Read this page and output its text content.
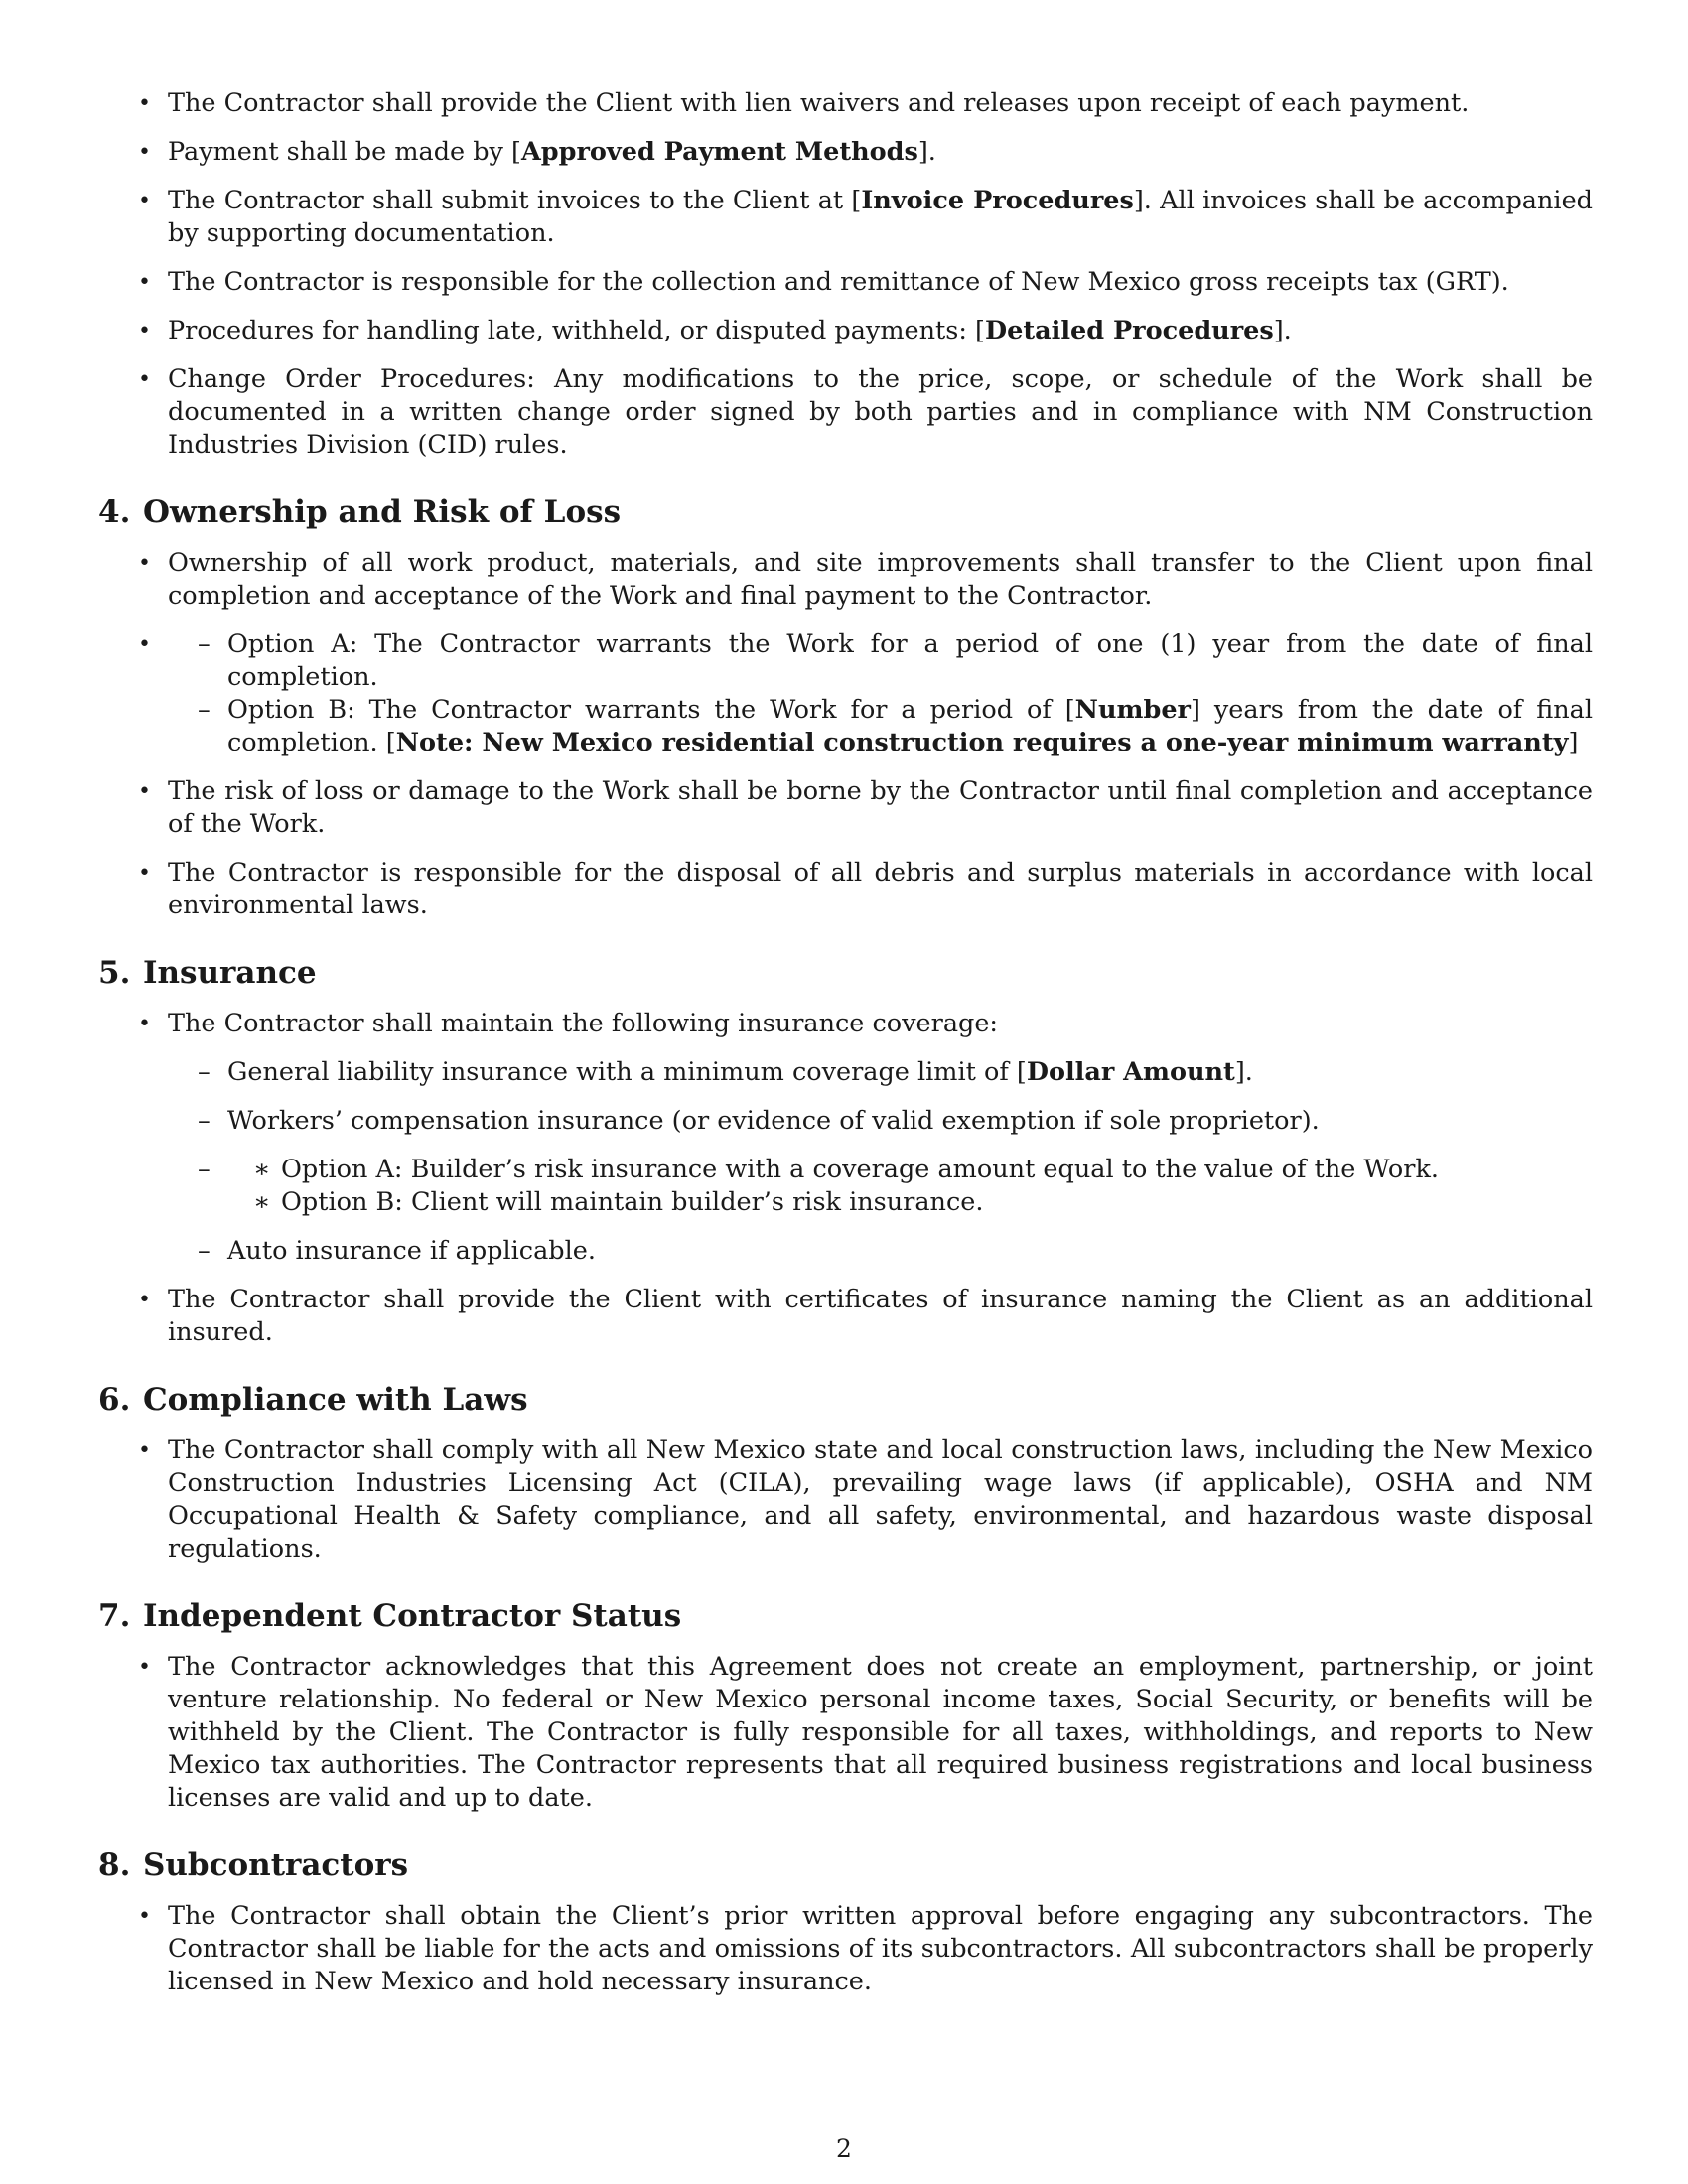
• The Contractor shall provide the Client with lien waivers and releases upon receipt of each payment.
• Payment shall be made by [Approved Payment Methods].
• The Contractor shall submit invoices to the Client at [Invoice Procedures]. All invoices shall be accompanied by supporting documentation.
• The Contractor is responsible for the collection and remittance of New Mexico gross receipts tax (GRT).
• Procedures for handling late, withheld, or disputed payments: [Detailed Procedures].
• Change Order Procedures: Any modifications to the price, scope, or schedule of the Work shall be documented in a written change order signed by both parties and in compliance with NM Construction Industries Division (CID) rules.
4. Ownership and Risk of Loss
• Ownership of all work product, materials, and site improvements shall transfer to the Client upon final completion and acceptance of the Work and final payment to the Contractor.
– • Option A: The Contractor warrants the Work for a period of one (1) year from the date of final completion.
– Option B: The Contractor warrants the Work for a period of [Number] years from the date of final completion. [Note: New Mexico residential construction requires a one-year minimum warranty]
• The risk of loss or damage to the Work shall be borne by the Contractor until final completion and acceptance of the Work.
• The Contractor is responsible for the disposal of all debris and surplus materials in accordance with local environmental laws.
5. Insurance
• The Contractor shall maintain the following insurance coverage:
– General liability insurance with a minimum coverage limit of [Dollar Amount].
– Workers’ compensation insurance (or evidence of valid exemption if sole proprietor).
∗ – Option A: Builder’s risk insurance with a coverage amount equal to the value of the Work.
∗ Option B: Client will maintain builder’s risk insurance.
– Auto insurance if applicable.
• The Contractor shall provide the Client with certificates of insurance naming the Client as an additional insured.
6. Compliance with Laws
• The Contractor shall comply with all New Mexico state and local construction laws, including the New Mexico Construction Industries Licensing Act (CILA), prevailing wage laws (if applicable), OSHA and NM Occupational Health & Safety compliance, and all safety, environmental, and hazardous waste disposal regulations.
7. Independent Contractor Status
• The Contractor acknowledges that this Agreement does not create an employment, partnership, or joint venture relationship. No federal or New Mexico personal income taxes, Social Security, or benefits will be withheld by the Client. The Contractor is fully responsible for all taxes, withholdings, and reports to New Mexico tax authorities. The Contractor represents that all required business registrations and local business licenses are valid and up to date.
8. Subcontractors
• The Contractor shall obtain the Client’s prior written approval before engaging any subcontractors. The Contractor shall be liable for the acts and omissions of its subcontractors. All subcontractors shall be properly licensed in New Mexico and hold necessary insurance.
2
